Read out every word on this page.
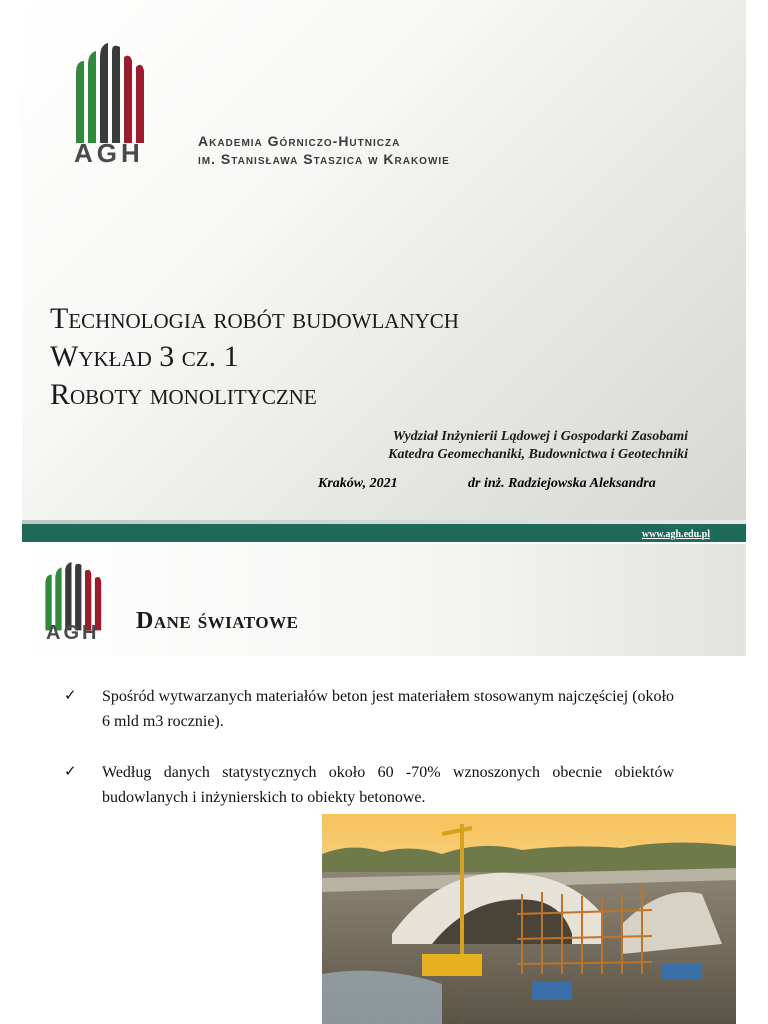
AGH	Akademia Górniczo-Hutnicza
im. Stanisława Staszica w Krakowie
Technologia robót budowlanych
Wykład 3 cz. 1
Roboty monolityczne
Wydział Inżynierii Lądowej i Gospodarki Zasobami
Katedra Geomechaniki, Budownictwa i Geotechniki
Kraków, 2021	dr inż. Radziejowska Aleksandra
www.agh.edu.pl
AGH Dane światowe
✓ Spośród wytwarzanych materiałów beton jest materiałem stosowanym najczęściej (około 6 mld m3 rocznie).
✓ Według danych statystycznych około 60 -70% wznoszonych obecnie obiektów budowlanych i inżynierskich to obiekty betonowe.
